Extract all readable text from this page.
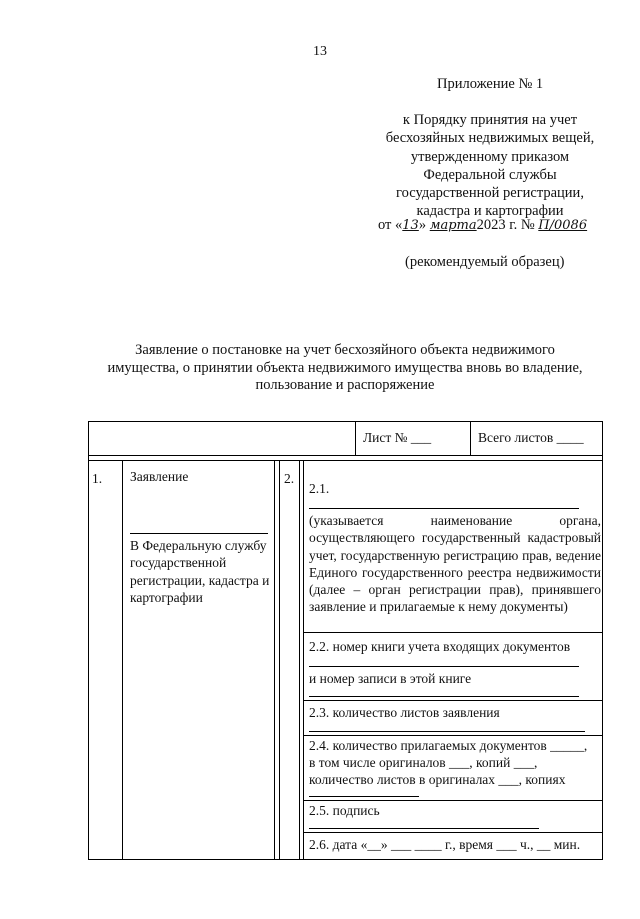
13
Приложение № 1
к Порядку принятия на учет
бесхозяйных недвижимых вещей,
утвержденному приказом
Федеральной службы
государственной регистрации,
кадастра и картографии
от «13» марта2023 г. № П/0086
(рекомендуемый образец)
Заявление о постановке на учет бесхозяйного объекта недвижимого
имущества, о принятии объекта недвижимого имущества вновь во владение,
пользование и распоряжение
Лист № ___	Всего листов ____
1. Заявление
В Федеральную службу государственной регистрации, кадастра и картографии
2.
2.1.
(указывается наименование органа, осуществляющего государственный кадастровый учет, государственную регистрацию прав, ведение Единого государственного реестра недвижимости (далее – орган регистрации прав), принявшего заявление и прилагаемые к нему документы)
2.2. номер книги учета входящих документов
и номер записи в этой книге
2.3. количество листов заявления
2.4. количество прилагаемых документов _____,
в том числе оригиналов ___, копий ___,
количество листов в оригиналах ___, копиях
2.5. подпись
2.6. дата «__» ___ ____ г., время ___ ч., __ мин.
